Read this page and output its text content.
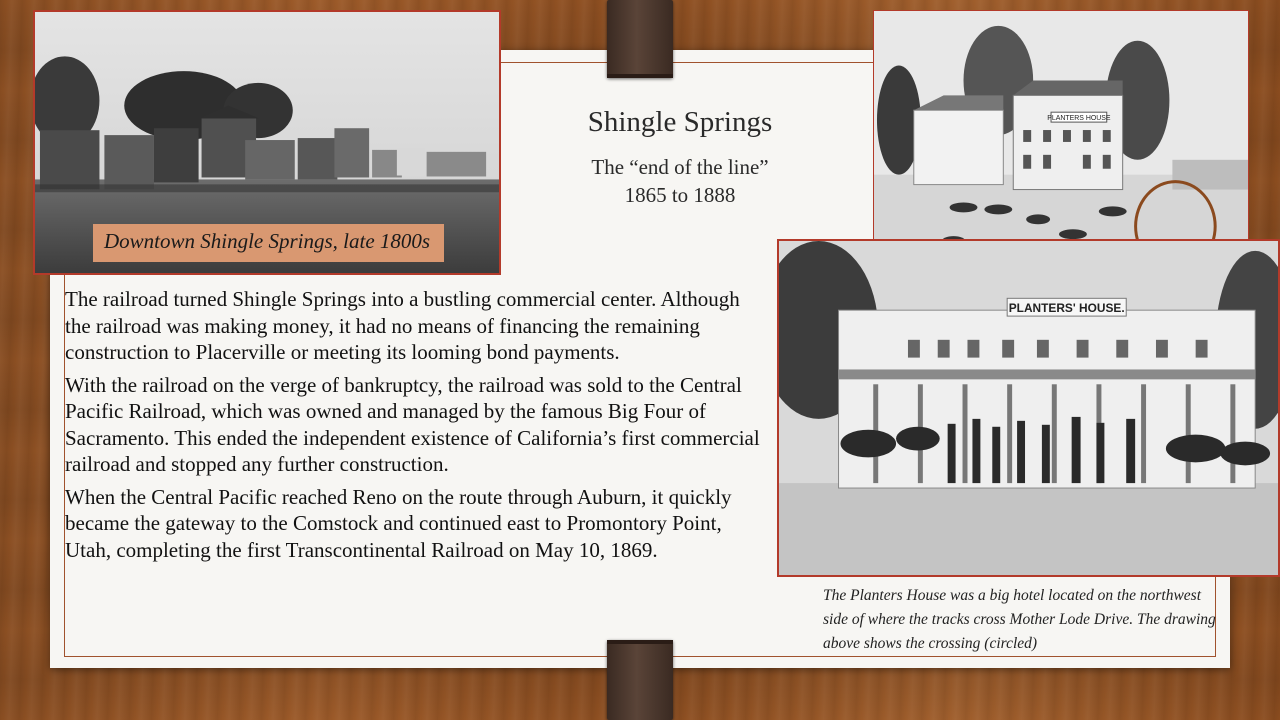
Downtown Shingle Springs, late 1800s
PLANTERS HOUSE
PLANTERS' HOUSE.
Shingle Springs
The “end of the line”
1865 to 1888

The railroad turned Shingle Springs into a bustling commercial center. Although the railroad was making money, it had no means of financing the remaining construction to Placerville or meeting its looming bond payments.

With the railroad on the verge of bankruptcy, the railroad was sold to the Central Pacific Railroad, which was owned and managed by the famous Big Four of Sacramento. This ended the independent existence of California’s first commercial railroad and stopped any further construction.

When the Central Pacific reached Reno on the route through Auburn, it quickly became the gateway to the Comstock and continued east to Promontory Point, Utah, completing the first Transcontinental Railroad on May 10, 1869.

The Planters House was a big hotel located on the northwest side of where the tracks cross Mother Lode Drive. The drawing above shows the crossing (circled)
